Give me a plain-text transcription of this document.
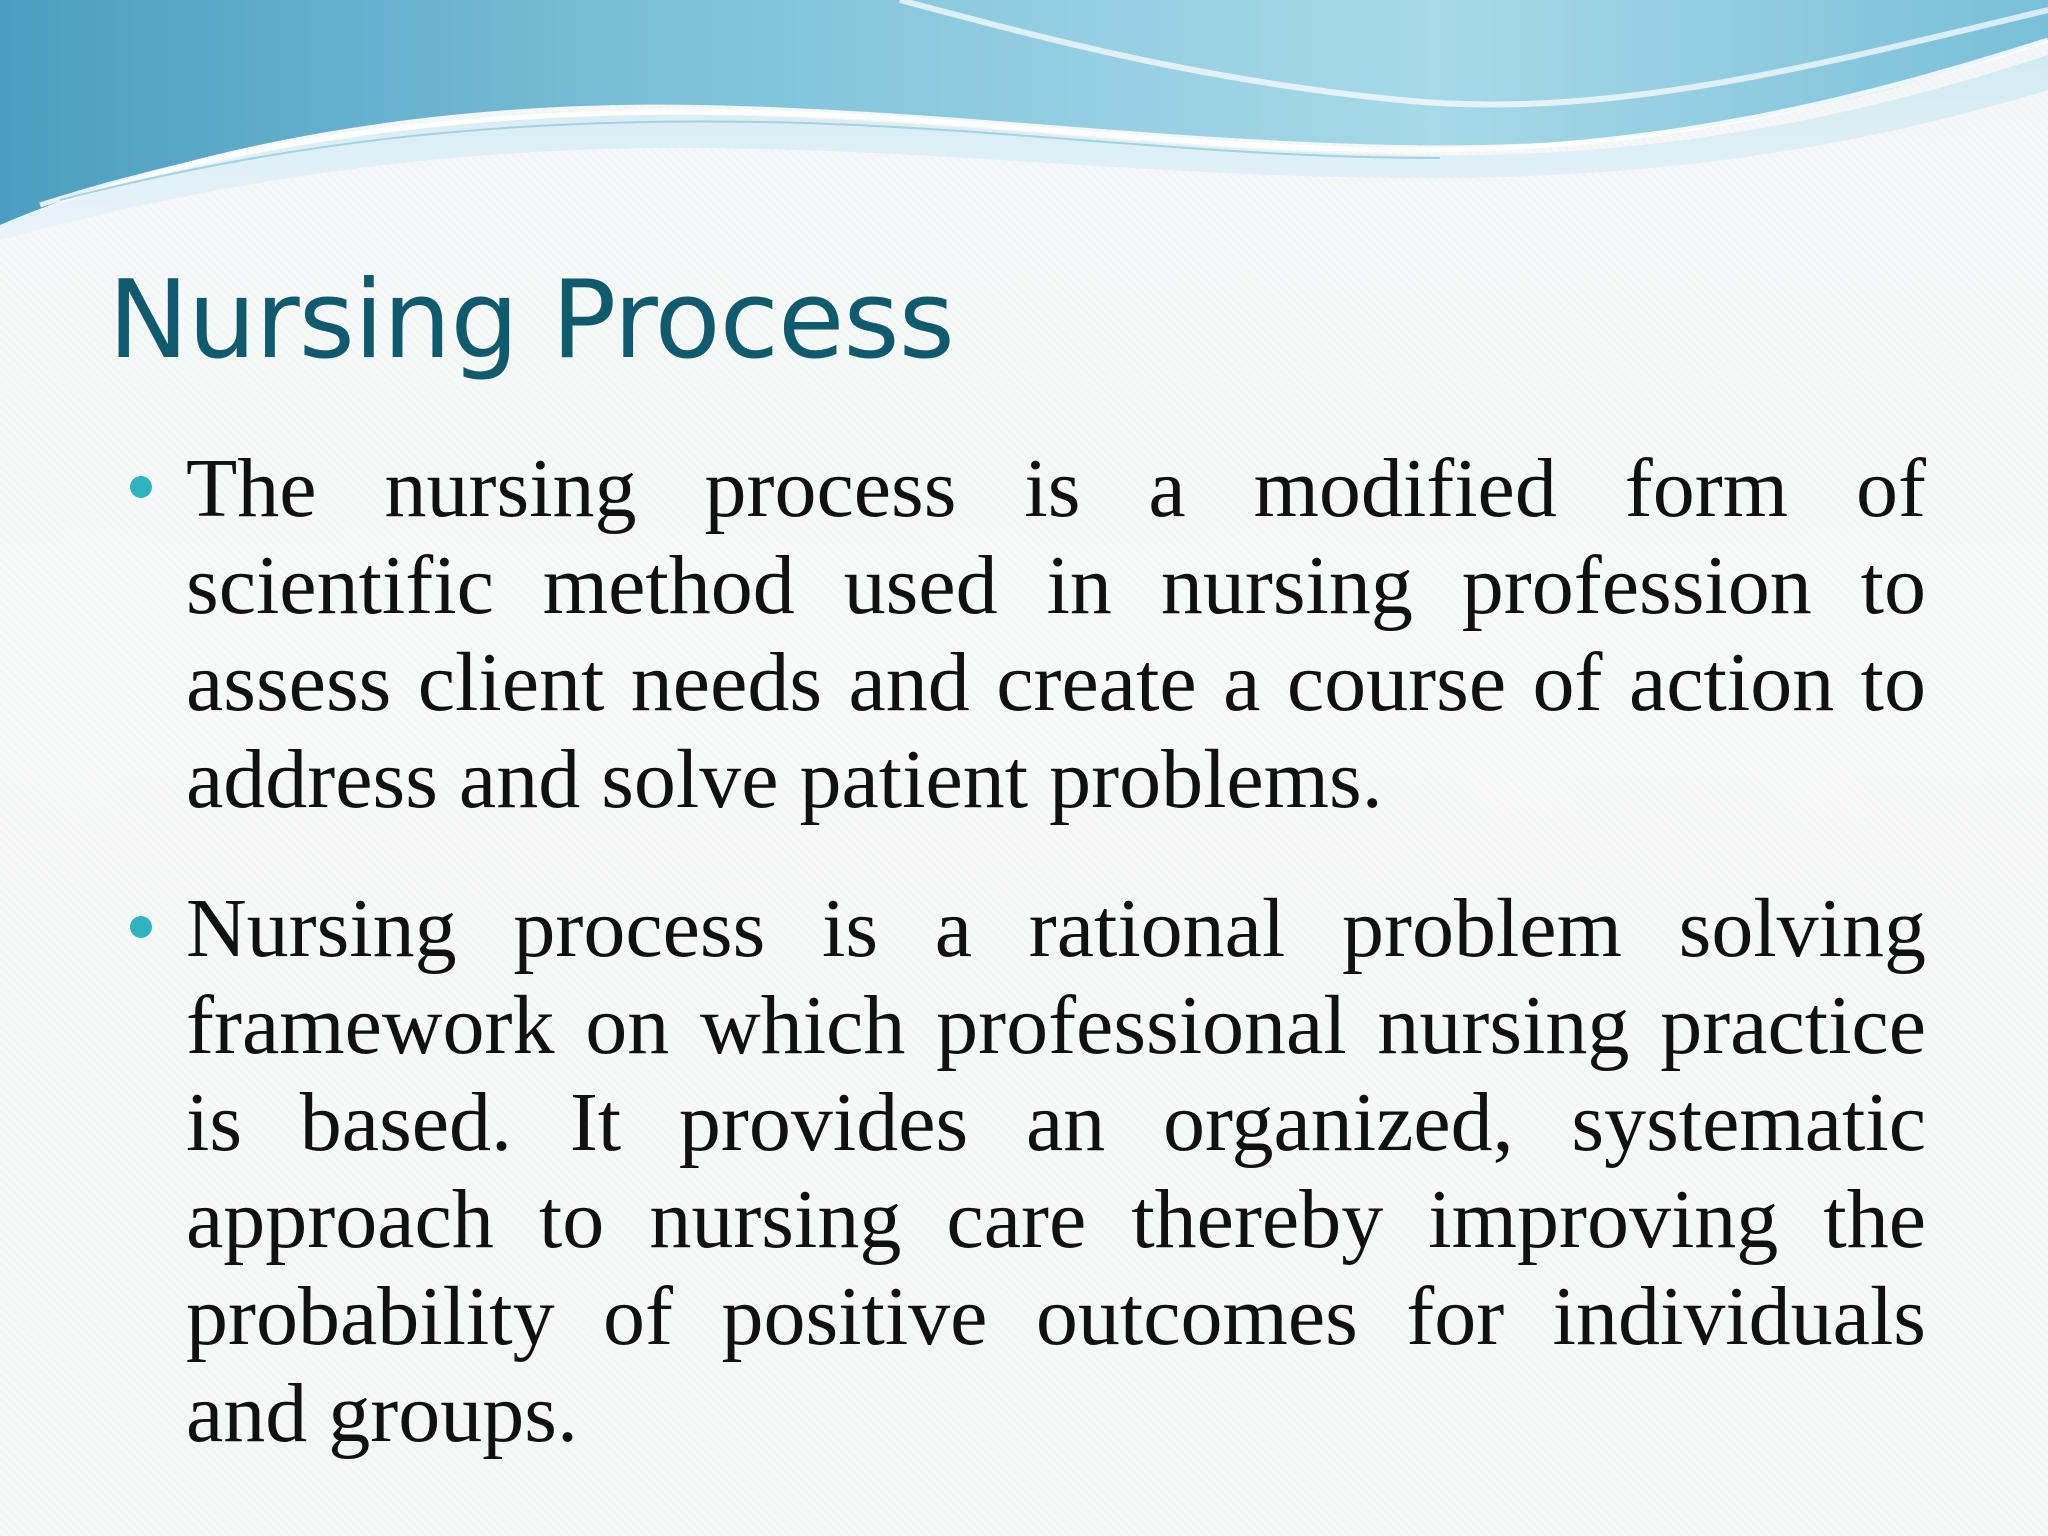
Nursing Process
The nursing process is a modified form of scientific method used in nursing profession to assess client needs and create a course of action to address and solve patient problems.
Nursing process is a rational problem solving framework on which professional nursing practice is based. It provides an organized, systematic approach to nursing care thereby improving the probability of positive outcomes for individuals and groups.
